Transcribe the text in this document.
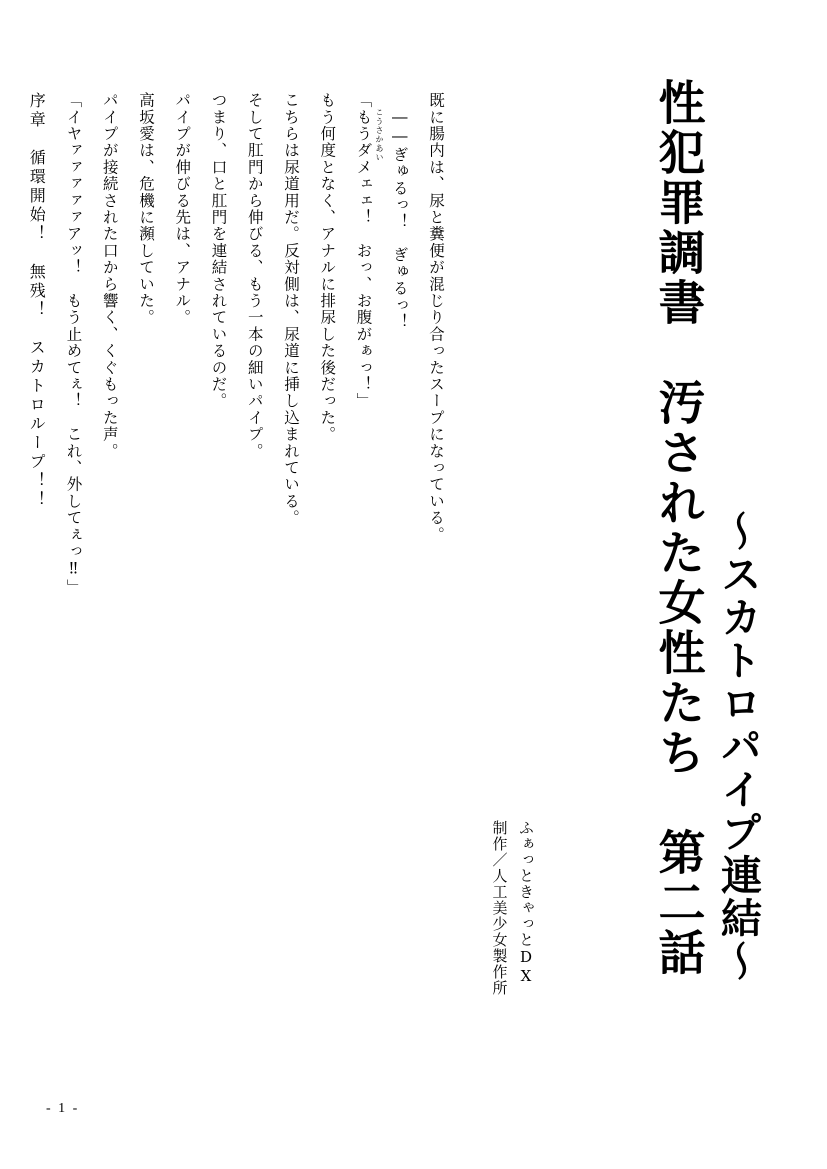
性犯罪調書　汚された女性たち　第二話 〜スカトロパイプ連結〜
制作／人工美少女製作所 ふぁっときゃっとDX
序章　循環開始！　無残！　スカトロループ！！ 「イヤァァァァァアッ！　もう止めてぇ！　これ、外してぇっ‼」 パイプが接続された口から響く、くぐもった声。 高坂愛は、危機に瀕していた。 パイプが伸びる先は、アナル。 つまり、口と肛門を連結されているのだ。 そして肛門から伸びる、もう一本の細いパイプ。 こちらは尿道用だ。反対側は、尿道に挿し込まれている。 もう何度となく、アナルに排尿した後だった。 「もうダメェェ！　おっ、お腹がぁっ！」 ――ぎゅるっ！　ぎゅるっ！ 既に腸内は、尿と糞便が混じり合ったスープになっている。
こうさかあい
- 1 -
